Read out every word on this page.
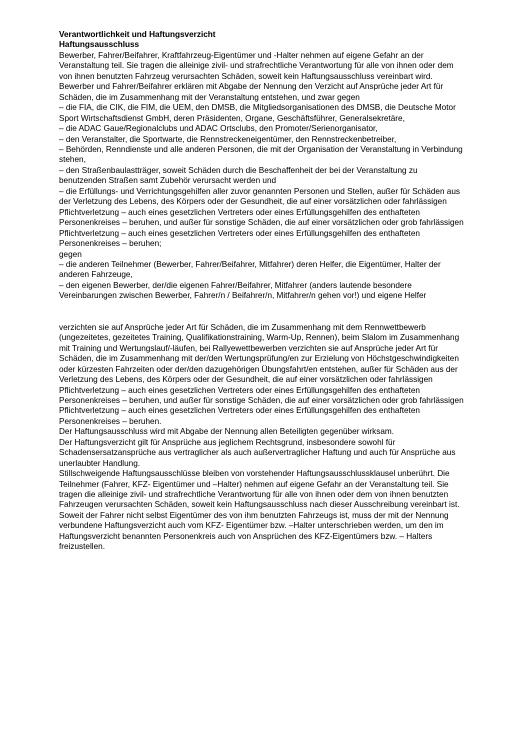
Verantwortlichkeit und Haftungsverzicht
Haftungsausschluss

Bewerber, Fahrer/Beifahrer, Kraftfahrzeug-Eigentümer und -Halter nehmen auf eigene Gefahr an der Veranstaltung teil. Sie tragen die alleinige zivil- und strafrechtliche Verantwortung für alle von ihnen oder dem von ihnen benutzten Fahrzeug verursachten Schäden, soweit kein Haftungsausschluss vereinbart wird.

Bewerber und Fahrer/Beifahrer erklären mit Abgabe der Nennung den Verzicht auf Ansprüche jeder Art für Schäden, die im Zusammenhang mit der Veranstaltung entstehen, und zwar gegen

– die FIA, die CIK, die FIM, die UEM, den DMSB, die Mitgliedsorganisationen des DMSB, die Deutsche Motor Sport Wirtschaftsdienst GmbH, deren Präsidenten, Organe, Geschäftsführer, Generalsekretäre,

– die ADAC Gaue/Regionalclubs und ADAC Ortsclubs, den Promoter/Serienorganisator,

– den Veranstalter, die Sportwarte, die Rennstreckeneigentümer, den Rennstreckenbetreiber,

– Behörden, Renndienste und alle anderen Personen, die mit der Organisation der Veranstaltung in Verbindung stehen,

– den Straßenbaulastträger, soweit Schäden durch die Beschaffenheit der bei der Veranstaltung zu benutzenden Straßen samt Zubehör verursacht werden und

– die Erfüllungs- und Verrichtungsgehilfen aller zuvor genannten Personen und Stellen, außer für Schäden aus der Verletzung des Lebens, des Körpers oder der Gesundheit, die auf einer vorsätzlichen oder fahrlässigen Pflichtverletzung – auch eines gesetzlichen Vertreters oder eines Erfüllungsgehilfen des enthafteten Personenkreises – beruhen, und außer für sonstige Schäden, die auf einer vorsätzlichen oder grob fahrlässigen Pflichtverletzung – auch eines gesetzlichen Vertreters oder eines Erfüllungsgehilfen des enthafteten Personenkreises – beruhen;

gegen

– die anderen Teilnehmer (Bewerber, Fahrer/Beifahrer, Mitfahrer) deren Helfer, die Eigentümer, Halter der anderen Fahrzeuge,

– den eigenen Bewerber, der/die eigenen Fahrer/Beifahrer, Mitfahrer (anders lautende besondere Vereinbarungen zwischen Bewerber, Fahrer/n / Beifahrer/n, Mitfahrer/n gehen vor!) und eigene Helfer

verzichten sie auf Ansprüche jeder Art für Schäden, die im Zusammenhang mit dem Rennwettbewerb (ungezeitetes, gezeitetes Training, Qualifikationstraining, Warm-Up, Rennen), beim Slalom im Zusammenhang mit Training und Wertungslauf/-läufen, bei Rallyewettbewerben verzichten sie auf Ansprüche jeder Art für Schäden, die im Zusammenhang mit der/den Wertungsprüfung/en zur Erzielung von Höchstgeschwindigkeiten oder kürzesten Fahrzeiten oder der/den dazugehörigen Übungsfahrt/en entstehen, außer für Schäden aus der Verletzung des Lebens, des Körpers oder der Gesundheit, die auf einer vorsätzlichen oder fahrlässigen Pflichtverletzung – auch eines gesetzlichen Vertreters oder eines Erfüllungsgehilfen des enthafteten Personenkreises – beruhen, und außer für sonstige Schäden, die auf einer vorsätzlichen oder grob fahrlässigen Pflichtverletzung – auch eines gesetzlichen Vertreters oder eines Erfüllungsgehilfen des enthafteten Personenkreises – beruhen.

Der Haftungsausschluss wird mit Abgabe der Nennung allen Beteiligten gegenüber wirksam.

Der Haftungsverzicht gilt für Ansprüche aus jeglichem Rechtsgrund, insbesondere sowohl für Schadensersatzansprüche aus vertraglicher als auch außervertraglicher Haftung und auch für Ansprüche aus unerlaubter Handlung.

Stillschweigende Haftungsausschlüsse bleiben von vorstehender Haftungsausschlussklausel unberührt. Die Teilnehmer (Fahrer, KFZ- Eigentümer und –Halter) nehmen auf eigene Gefahr an der Veranstaltung teil. Sie tragen die alleinige zivil- und strafrechtliche Verantwortung für alle von ihnen oder dem von ihnen benutzten Fahrzeugen verursachten Schäden, soweit kein Haftungsausschluss nach dieser Ausschreibung vereinbart ist.

Soweit der Fahrer nicht selbst Eigentümer des von ihm benutzten Fahrzeugs ist, muss der mit der Nennung verbundene Haftungsverzicht auch vom KFZ- Eigentümer bzw. –Halter unterschrieben werden, um den im Haftungsverzicht benannten Personenkreis auch von Ansprüchen des KFZ-Eigentümers bzw. – Halters freizustellen.
